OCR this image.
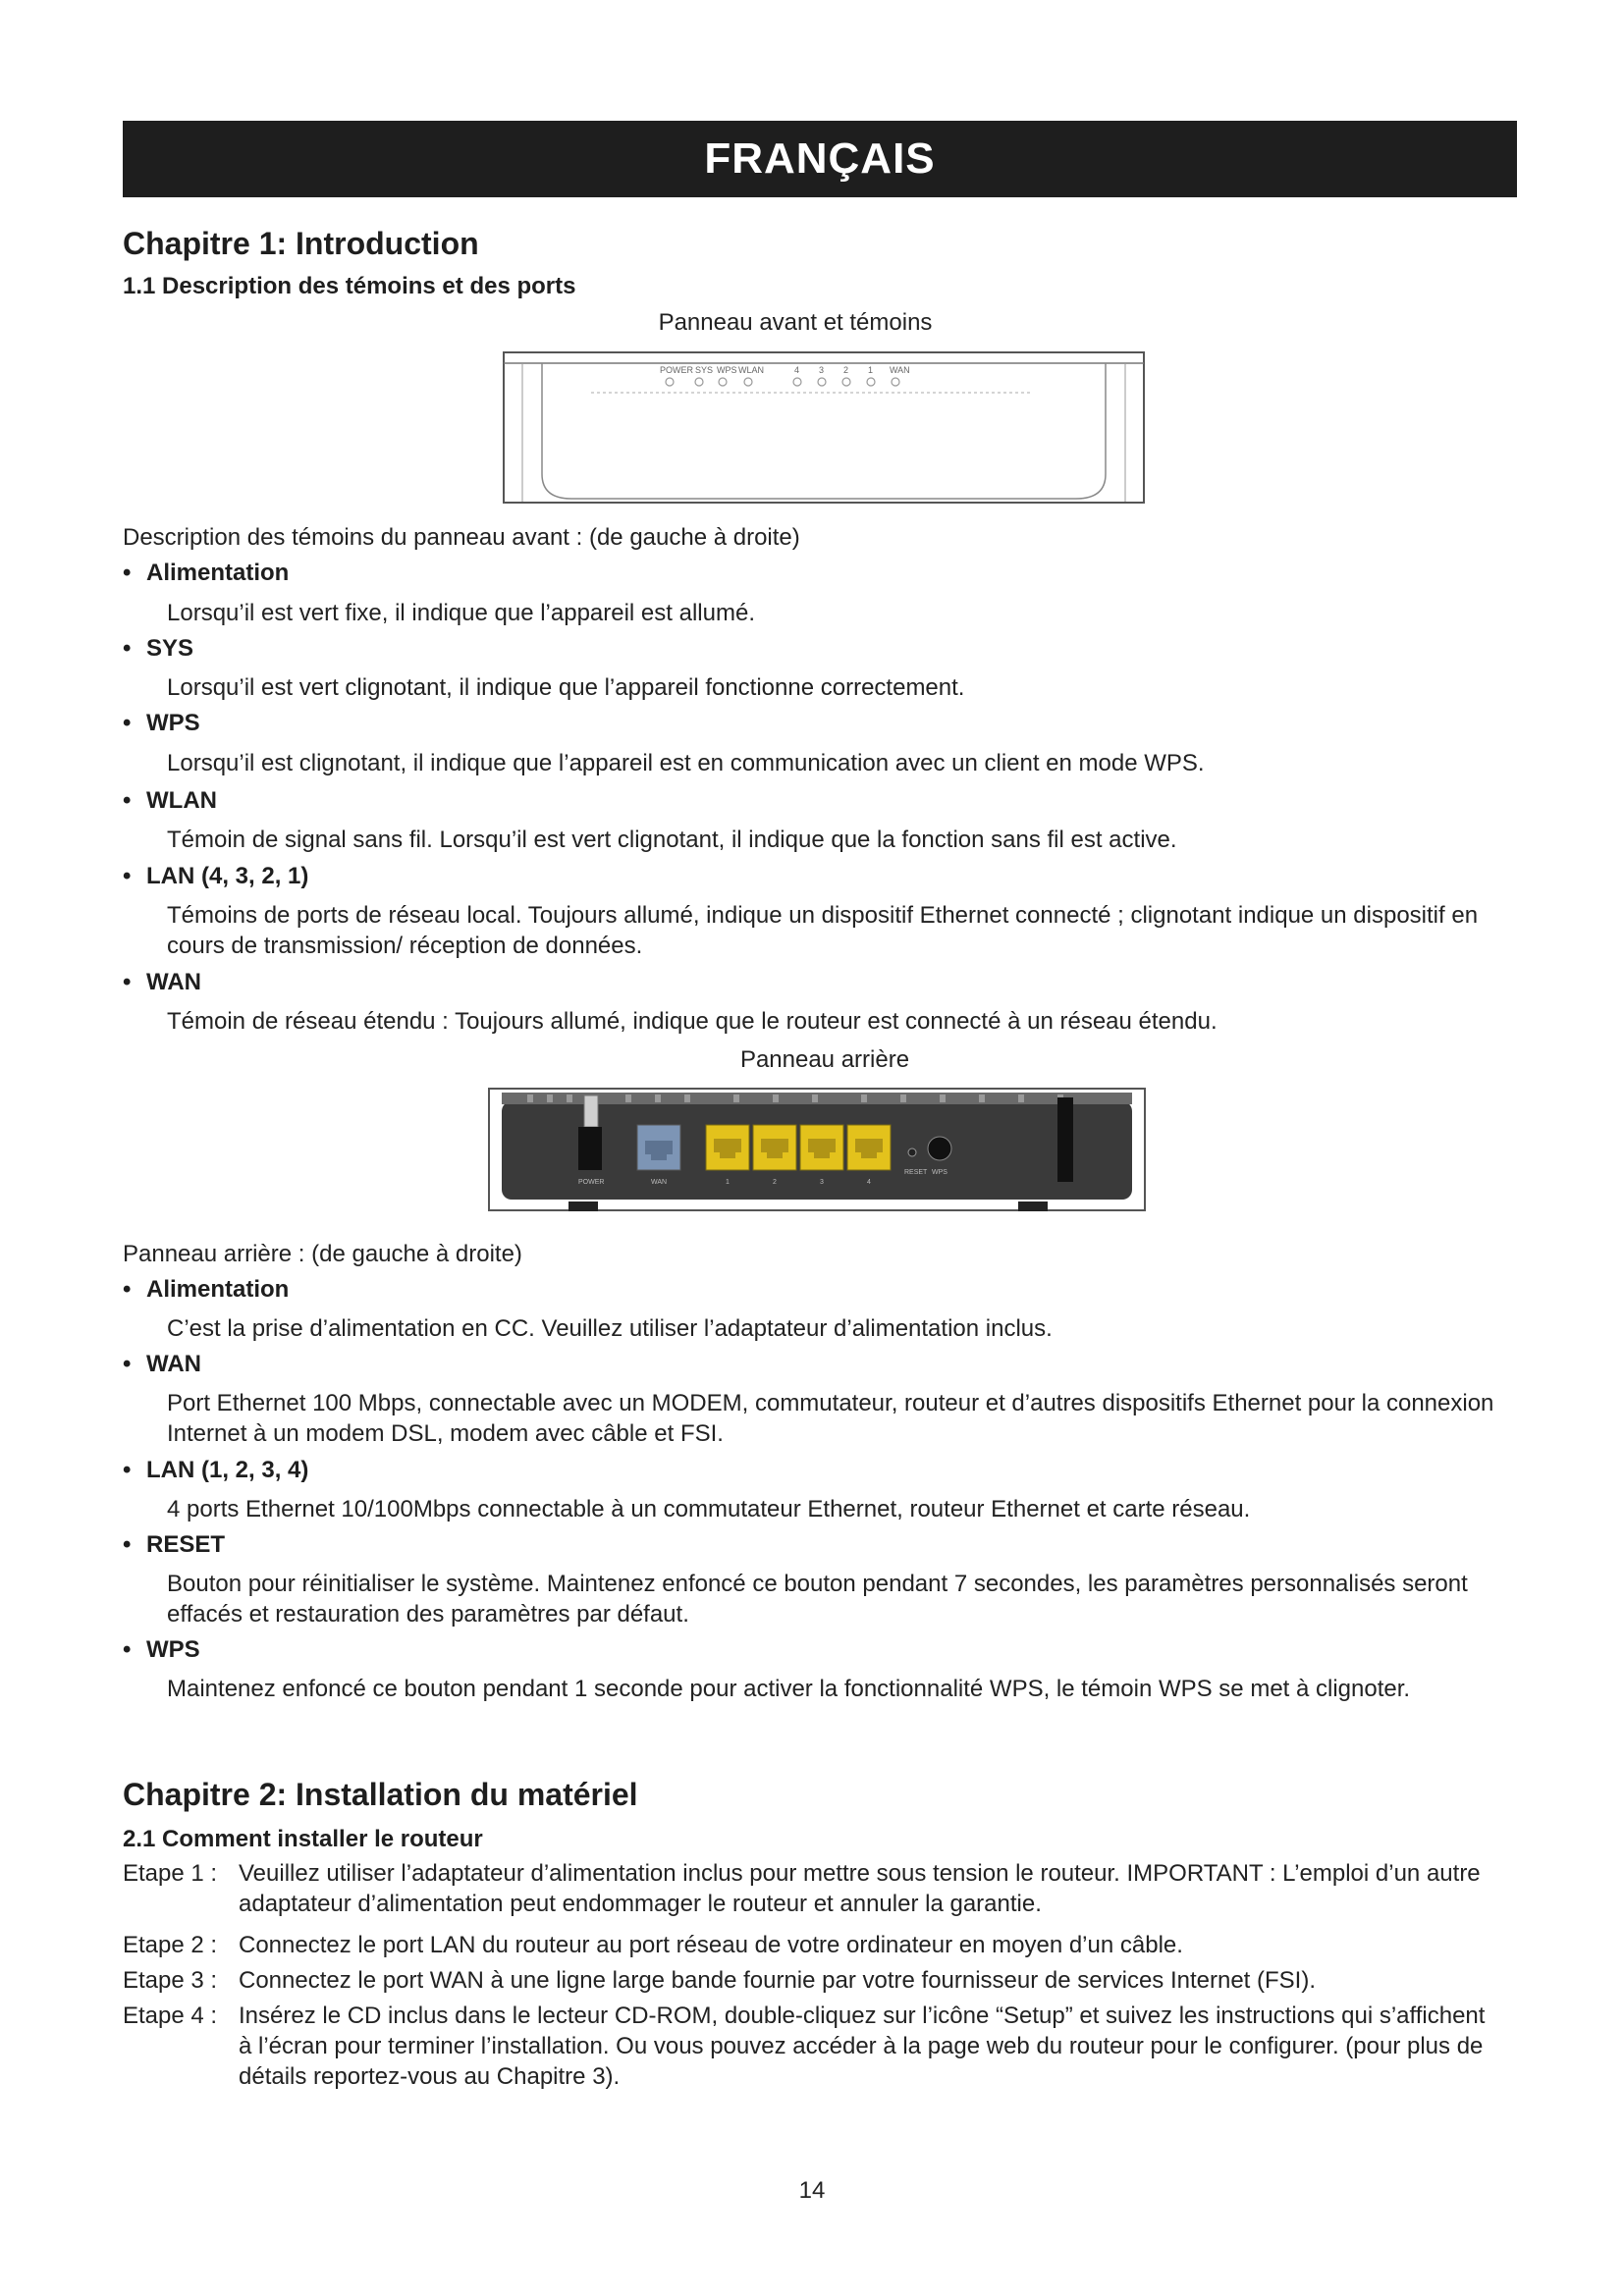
FRANÇAIS
Chapitre 1: Introduction
1.1 Description des témoins et des ports
Panneau avant et témoins
POWER SYS WPS WLAN	4 3 2 1 WAN
Description des témoins du panneau avant : (de gauche à droite)
• Alimentation
Lorsqu’il est vert fixe, il indique que l’appareil est allumé.
• SYS
Lorsqu’il est vert clignotant, il indique que l’appareil fonctionne correctement.
• WPS
Lorsqu’il est clignotant, il indique que l’appareil est en communication avec un client en mode WPS.
• WLAN
Témoin de signal sans fil. Lorsqu’il est vert clignotant, il indique que la fonction sans fil est active.
• LAN (4, 3, 2, 1)
Témoins de ports de réseau local. Toujours allumé, indique un dispositif Ethernet connecté ; clignotant indique un dispositif en cours de transmission/ réception de données.
• WAN
Témoin de réseau étendu : Toujours allumé, indique que le routeur est connecté à un réseau étendu.
Panneau arrière
POWER	WAN	1	2	3	4
RESET WPS
Panneau arrière : (de gauche à droite)
• Alimentation
C’est la prise d’alimentation en CC. Veuillez utiliser l’adaptateur d’alimentation inclus.
• WAN
Port Ethernet 100 Mbps, connectable avec un MODEM, commutateur, routeur et d’autres dispositifs Ethernet pour la connexion Internet à un modem DSL, modem avec câble et FSI.
• LAN (1, 2, 3, 4)
4 ports Ethernet 10/100Mbps connectable à un commutateur Ethernet, routeur Ethernet et carte réseau.
• RESET
Bouton pour réinitialiser le système. Maintenez enfoncé ce bouton pendant 7 secondes, les paramètres personnalisés seront effacés et restauration des paramètres par défaut.
• WPS
Maintenez enfoncé ce bouton pendant 1 seconde pour activer la fonctionnalité WPS, le témoin WPS se met à clignoter.
Chapitre 2: Installation du matériel
2.1 Comment installer le routeur
Etape 1 : Veuillez utiliser l’adaptateur d’alimentation inclus pour mettre sous tension le routeur. IMPORTANT : L’emploi d’un autre adaptateur d’alimentation peut endommager le routeur et annuler la garantie.
Etape 2 : Connectez le port LAN du routeur au port réseau de votre ordinateur en moyen d’un câble.
Etape 3 : Connectez le port WAN à une ligne large bande fournie par votre fournisseur de services Internet (FSI).
Etape 4 : Insérez le CD inclus dans le lecteur CD-ROM, double-cliquez sur l’icône “Setup” et suivez les instructions qui s’affichent à l’écran pour terminer l’installation. Ou vous pouvez accéder à la page web du routeur pour le configurer. (pour plus de détails reportez-vous au Chapitre 3).
14
